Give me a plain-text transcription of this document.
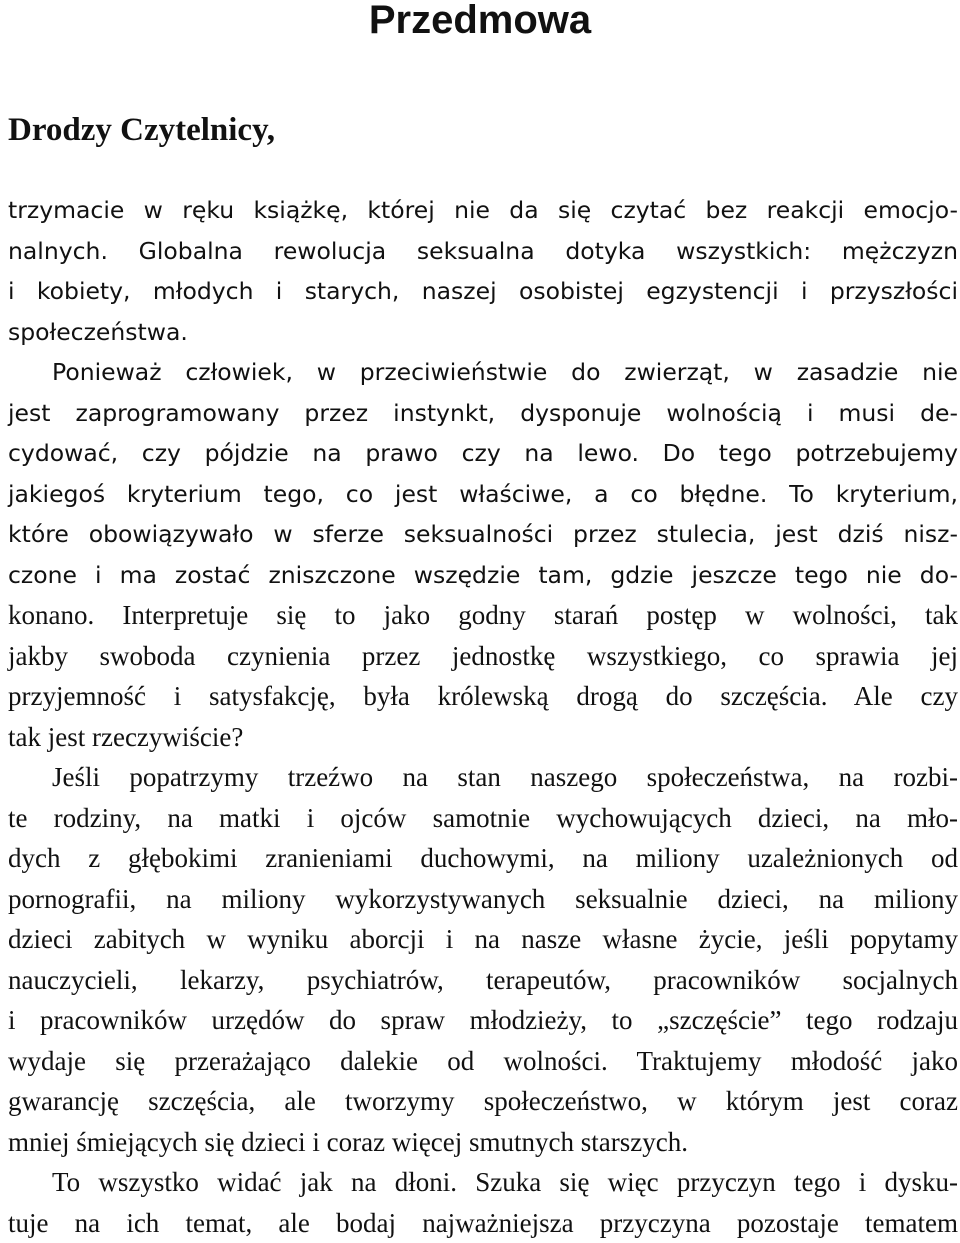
Przedmowa
Drodzy Czytelnicy,
trzymacie w ręku książkę, której nie da się czytać bez reakcji emocjo-
nalnych. Globalna rewolucja seksualna dotyka wszystkich: mężczyzn
i kobiety, młodych i starych, naszej osobistej egzystencji i przyszłości
społeczeństwa.
Ponieważ człowiek, w przeciwieństwie do zwierząt, w zasadzie nie
jest zaprogramowany przez instynkt, dysponuje wolnością i musi de-
cydować, czy pójdzie na prawo czy na lewo. Do tego potrzebujemy
jakiegoś kryterium tego, co jest właściwe, a co błędne. To kryterium,
które obowiązywało w sferze seksualności przez stulecia, jest dziś nisz-
czone i ma zostać zniszczone wszędzie tam, gdzie jeszcze tego nie do-
konano. Interpretuje się to jako godny starań postęp w wolności, tak
jakby swoboda czynienia przez jednostkę wszystkiego, co sprawia jej
przyjemność i satysfakcję, była królewską drogą do szczęścia. Ale czy
tak jest rzeczywiście?
Jeśli popatrzymy trzeźwo na stan naszego społeczeństwa, na rozbi-
te rodziny, na matki i ojców samotnie wychowujących dzieci, na mło-
dych z głębokimi zranieniami duchowymi, na miliony uzależnionych od
pornografii, na miliony wykorzystywanych seksualnie dzieci, na miliony
dzieci zabitych w wyniku aborcji i na nasze własne życie, jeśli popytamy
nauczycieli, lekarzy, psychiatrów, terapeutów, pracowników socjalnych
i pracowników urzędów do spraw młodzieży, to „szczęście” tego rodzaju
wydaje się przerażająco dalekie od wolności. Traktujemy młodość jako
gwarancję szczęścia, ale tworzymy społeczeństwo, w którym jest coraz
mniej śmiejących się dzieci i coraz więcej smutnych starszych.
To wszystko widać jak na dłoni. Szuka się więc przyczyn tego i dysku-
tuje na ich temat, ale bodaj najważniejsza przyczyna pozostaje tematem
